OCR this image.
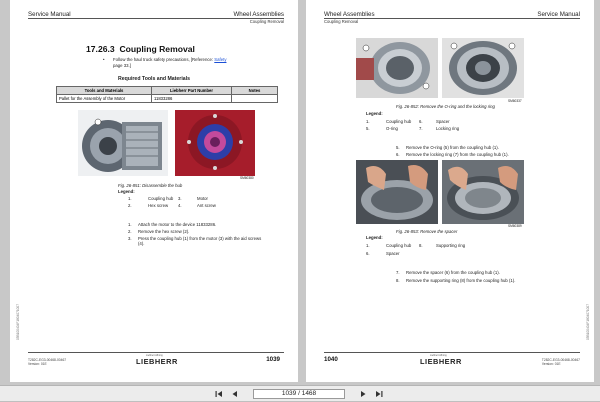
Service Manual	Wheel Assemblies
Coupling Removal
17.26.3 Coupling Removal
• Follow the haul truck safety precautions, [Reference: Safety
page 33.]
Required Tools and Materials
Tools and Materials	Liebherr Part Number	Notes
Pallet for the Assembly of the Motor	11833286	
SM60380
Fig. 26-851: Disassemble the hub
Legend:
1.	Coupling hub 3.	Motor
2.	Hex screw 4.	Ant screw
1. Attach the motor to the device 11833286.
2. Remove the hex screw (2).
3. Press the coupling hub (1) from the motor (3) with the aid screws
(4).
05B100404F1804071007
T282C-EG3-00468-00467
Version: 01E
Liebherr-Mining
LIEBHERR	1039
Wheel Assemblies	Service Manual
Coupling Removal
SM60337
Fig. 26-852: Remove the O-ring and the locking ring
Legend:
1.	Coupling hub 6.	Spacer
5.	O-ring	7.	Locking ring
5. Remove the O-ring (5) from the coupling hub (1).
6. Remove the locking ring (7) from the coupling hub (1).
SM60389
Fig. 26-853: Remove the spacer
Legend:
1.	Coupling hub 8.	Supporting ring
6.	Spacer
7. Remove the spacer (6) from the coupling hub (1).
8. Remove the supporting ring (8) from the coupling hub (1).
05B100404F1804071007
1040
Liebherr-Mining
LIEBHERR	T282C-EG3-00468-00467
Version: 01E
1039 / 1468
